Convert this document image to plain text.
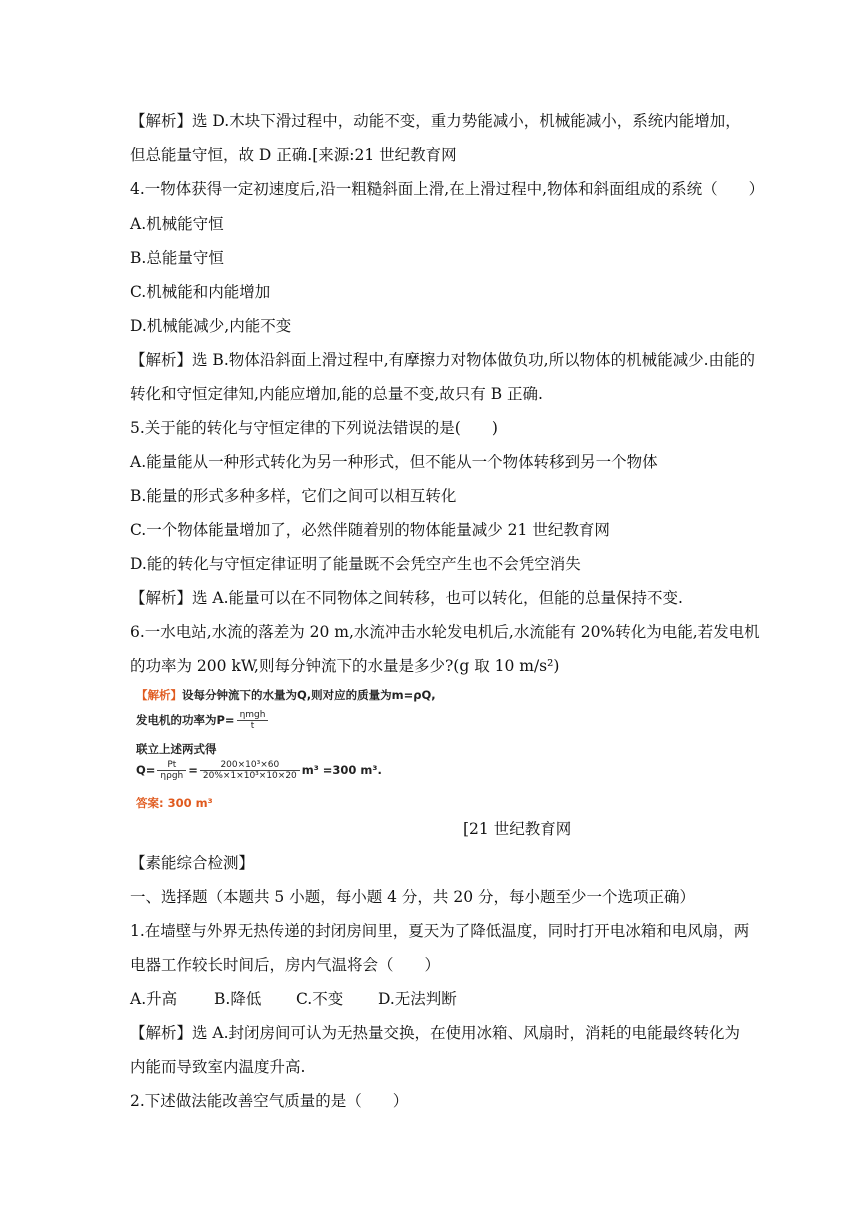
【解析】选 D.木块下滑过程中，动能不变，重力势能减小，机械能减小，系统内能增加，
但总能量守恒，故 D 正确.[来源:21 世纪教育网
4.一物体获得一定初速度后,沿一粗糙斜面上滑,在上滑过程中,物体和斜面组成的系统（　　）
A.机械能守恒
B.总能量守恒
C.机械能和内能增加
D.机械能减少,内能不变
【解析】选 B.物体沿斜面上滑过程中,有摩擦力对物体做负功,所以物体的机械能减少.由能的
转化和守恒定律知,内能应增加,能的总量不变,故只有 B 正确.
5.关于能的转化与守恒定律的下列说法错误的是(　　)
A.能量能从一种形式转化为另一种形式，但不能从一个物体转移到另一个物体
B.能量的形式多种多样，它们之间可以相互转化
C.一个物体能量增加了，必然伴随着别的物体能量减少 21 世纪教育网
D.能的转化与守恒定律证明了能量既不会凭空产生也不会凭空消失
【解析】选 A.能量可以在不同物体之间转移，也可以转化，但能的总量保持不变.
6.一水电站,水流的落差为 20 m,水流冲击水轮发电机后,水流能有 20%转化为电能,若发电机
的功率为 200 kW,则每分钟流下的水量是多少?(g 取 10 m/s²)
【解析】设每分钟流下的水量为Q,则对应的质量为m=ρQ,
发电机的功率为$P= \frac{\text{ηmgh}}{t}$
联立上述两式得
$Q= \frac{Pt}{\text{ηρgh}} = \frac{\text{200×10³×60}}{\text{20\%×1×10³×10×20}} m^3 =300$ m³.
答案: 300 m³
[21 世纪教育网
【素能综合检测】
一、选择题（本题共 5 小题，每小题 4 分，共 20 分，每小题至少一个选项正确）
1.在墙壁与外界无热传递的封闭房间里，夏天为了降低温度，同时打开电冰箱和电风扇，两
电器工作较长时间后，房内气温将会（　　）
A.升高 B.降低 C.不变 D.无法判断
【解析】选 A.封闭房间可认为无热量交换，在使用冰箱、风扇时，消耗的电能最终转化为
内能而导致室内温度升高.
2.下述做法能改善空气质量的是（　　）
